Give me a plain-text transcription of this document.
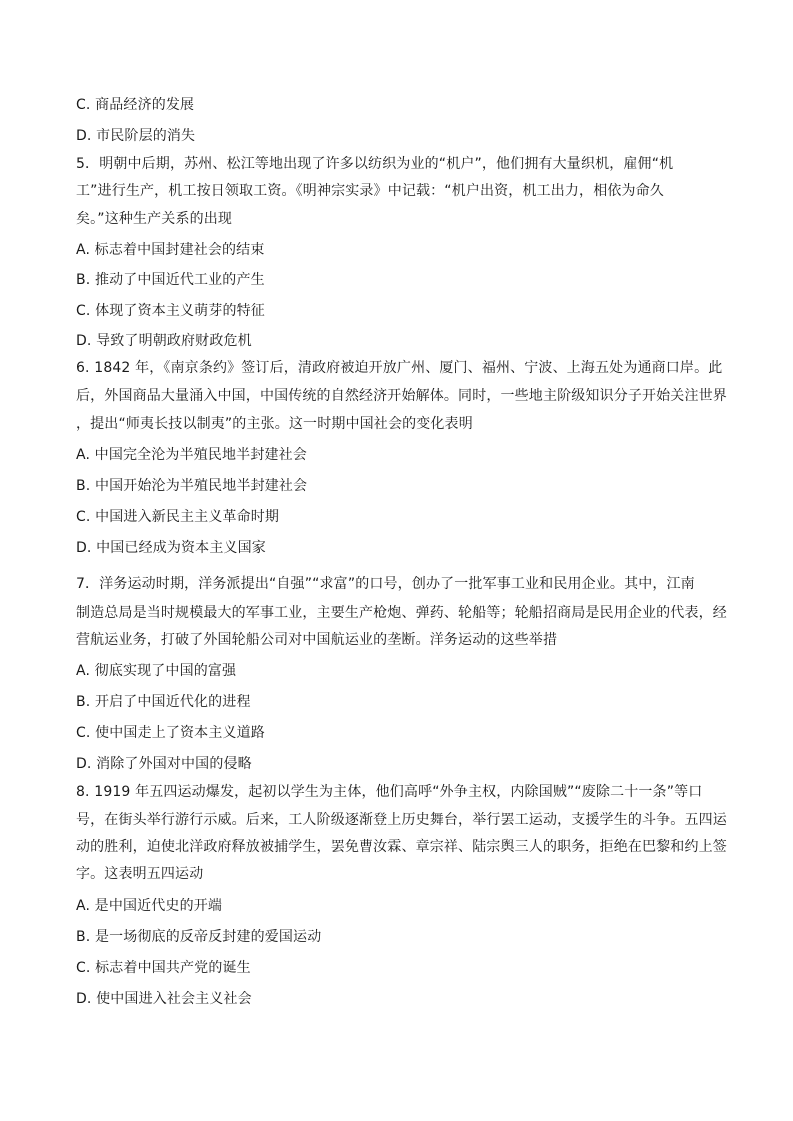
C. 商品经济的发展
D. 市民阶层的消失
5．明朝中后期，苏州、松江等地出现了许多以纺织为业的“机户”，他们拥有大量织机，雇佣“机
工”进行生产，机工按日领取工资。《明神宗实录》中记载：“机户出资，机工出力，相依为命久
矣。”这种生产关系的出现
A. 标志着中国封建社会的结束
B. 推动了中国近代工业的产生
C. 体现了资本主义萌芽的特征
D. 导致了明朝政府财政危机
6. 1842 年，《南京条约》签订后，清政府被迫开放广州、厦门、福州、宁波、上海五处为通商口岸。此
后，外国商品大量涌入中国，中国传统的自然经济开始解体。同时，一些地主阶级知识分子开始关注世界
，提出“师夷长技以制夷”的主张。这一时期中国社会的变化表明
A. 中国完全沦为半殖民地半封建社会
B. 中国开始沦为半殖民地半封建社会
C. 中国进入新民主主义革命时期
D. 中国已经成为资本主义国家
7．洋务运动时期，洋务派提出“自强”“求富”的口号，创办了一批军事工业和民用企业。其中，江南
制造总局是当时规模最大的军事工业，主要生产枪炮、弹药、轮船等；轮船招商局是民用企业的代表，经
营航运业务，打破了外国轮船公司对中国航运业的垄断。洋务运动的这些举措
A. 彻底实现了中国的富强
B. 开启了中国近代化的进程
C. 使中国走上了资本主义道路
D. 消除了外国对中国的侵略
8. 1919 年五四运动爆发，起初以学生为主体，他们高呼“外争主权，内除国贼”“废除二十一条”等口
号，在街头举行游行示威。后来，工人阶级逐渐登上历史舞台，举行罢工运动，支援学生的斗争。五四运
动的胜利，迫使北洋政府释放被捕学生，罢免曹汝霖、章宗祥、陆宗舆三人的职务，拒绝在巴黎和约上签
字。这表明五四运动
A. 是中国近代史的开端
B. 是一场彻底的反帝反封建的爱国运动
C. 标志着中国共产党的诞生
D. 使中国进入社会主义社会
